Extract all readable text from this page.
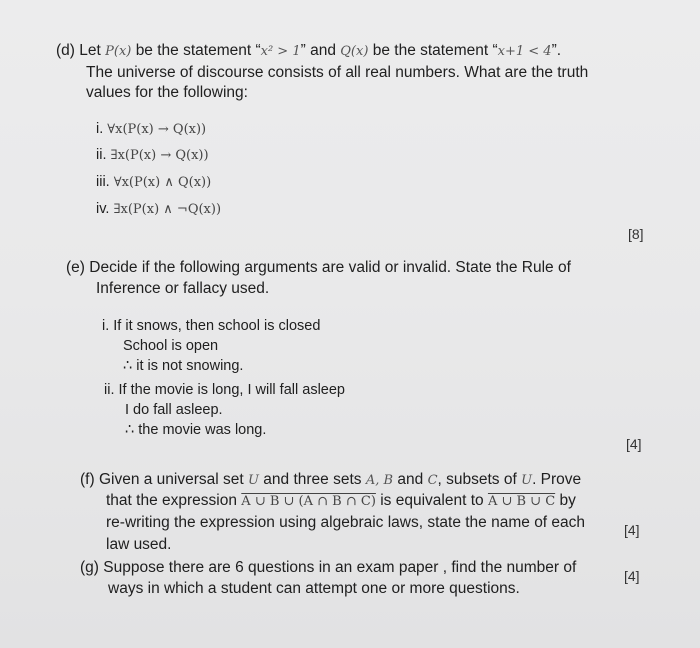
(d) Let P(x) be the statement “x² > 1” and Q(x) be the statement “x+1 < 4”.
The universe of discourse consists of all real numbers. What are the truth
values for the following:
i. ∀x(P(x) → Q(x))
ii. ∃x(P(x) → Q(x))
iii. ∀x(P(x) ∧ Q(x))
iv. ∃x(P(x) ∧ ¬Q(x))
[8]
(e) Decide if the following arguments are valid or invalid. State the Rule of
Inference or fallacy used.
i. If it snows, then school is closed
School is open
∴ it is not snowing.
ii. If the movie is long, I will fall asleep
I do fall asleep.
∴ the movie was long.
[4]
(f) Given a universal set U and three sets A, B and C, subsets of U. Prove
that the expression A ∪ B ∪ (A ∩ B ∩ C) is equivalent to A ∪ B ∪ C by
re-writing the expression using algebraic laws, state the name of each
law used.
[4]
(g) Suppose there are 6 questions in an exam paper , find the number of
ways in which a student can attempt one or more questions.
[4]
